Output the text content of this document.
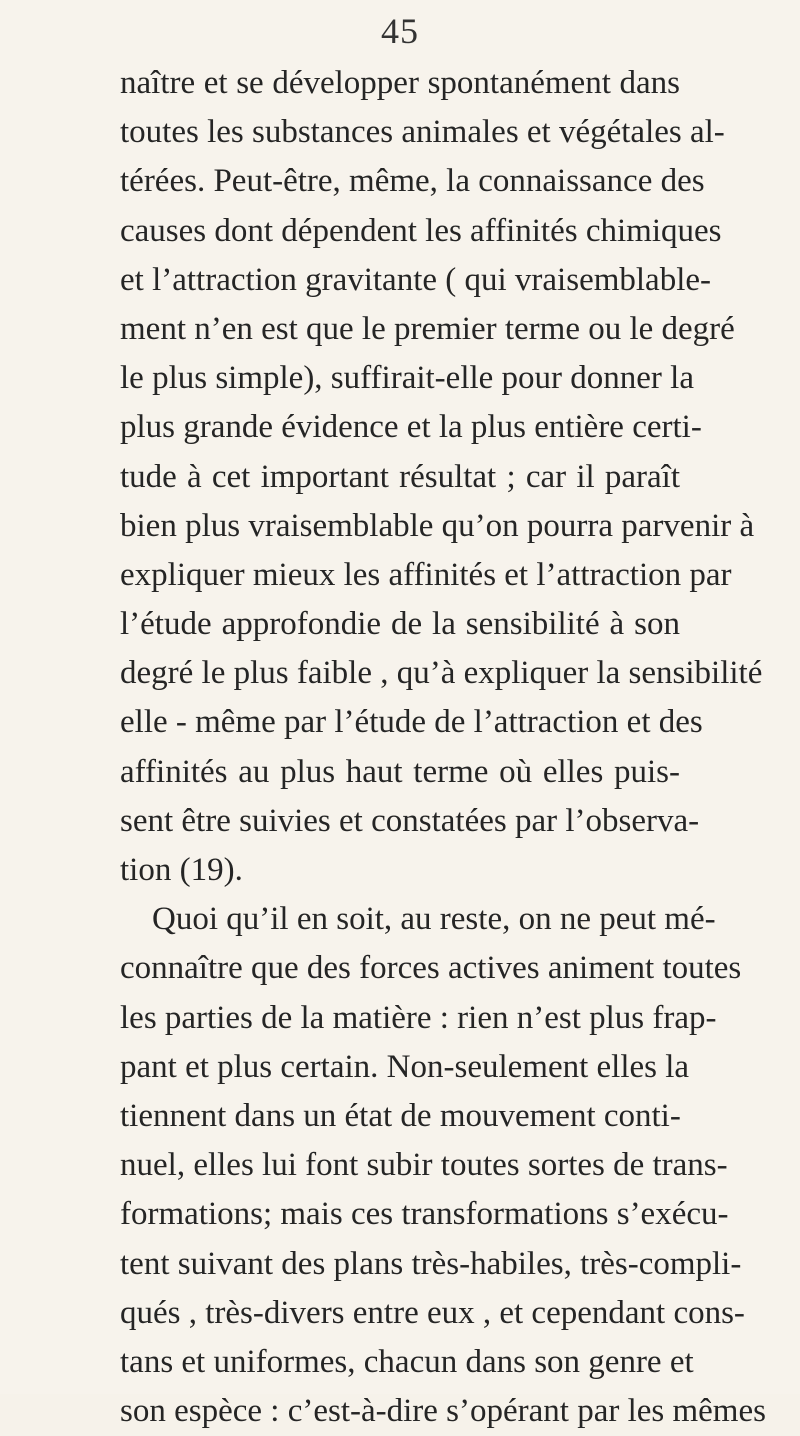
45
naître et se développer spontanément dans
toutes les substances animales et végétales al-
térées. Peut-être, même, la connaissance des
causes dont dépendent les affinités chimiques
et l’attraction gravitante ( qui vraisemblable-
ment n’en est que le premier terme ou le degré
le plus simple), suffirait-elle pour donner la
plus grande évidence et la plus entière certi-
tude à cet important résultat ; car il paraît
bien plus vraisemblable qu’on pourra parvenir à
expliquer mieux les affinités et l’attraction par
l’étude approfondie de la sensibilité à son
degré le plus faible , qu’à expliquer la sensibilité
elle - même par l’étude de l’attraction et des
affinités au plus haut terme où elles puis-
sent être suivies et constatées par l’observa-
tion (19).
Quoi qu’il en soit, au reste, on ne peut mé-
connaître que des forces actives animent toutes
les parties de la matière : rien n’est plus frap-
pant et plus certain. Non-seulement elles la
tiennent dans un état de mouvement conti-
nuel, elles lui font subir toutes sortes de trans-
formations; mais ces transformations s’exécu-
tent suivant des plans très-habiles, très-compli-
qués , très-divers entre eux , et cependant cons-
tans et uniformes, chacun dans son genre et
son espèce : c’est-à-dire s’opérant par les mêmes
